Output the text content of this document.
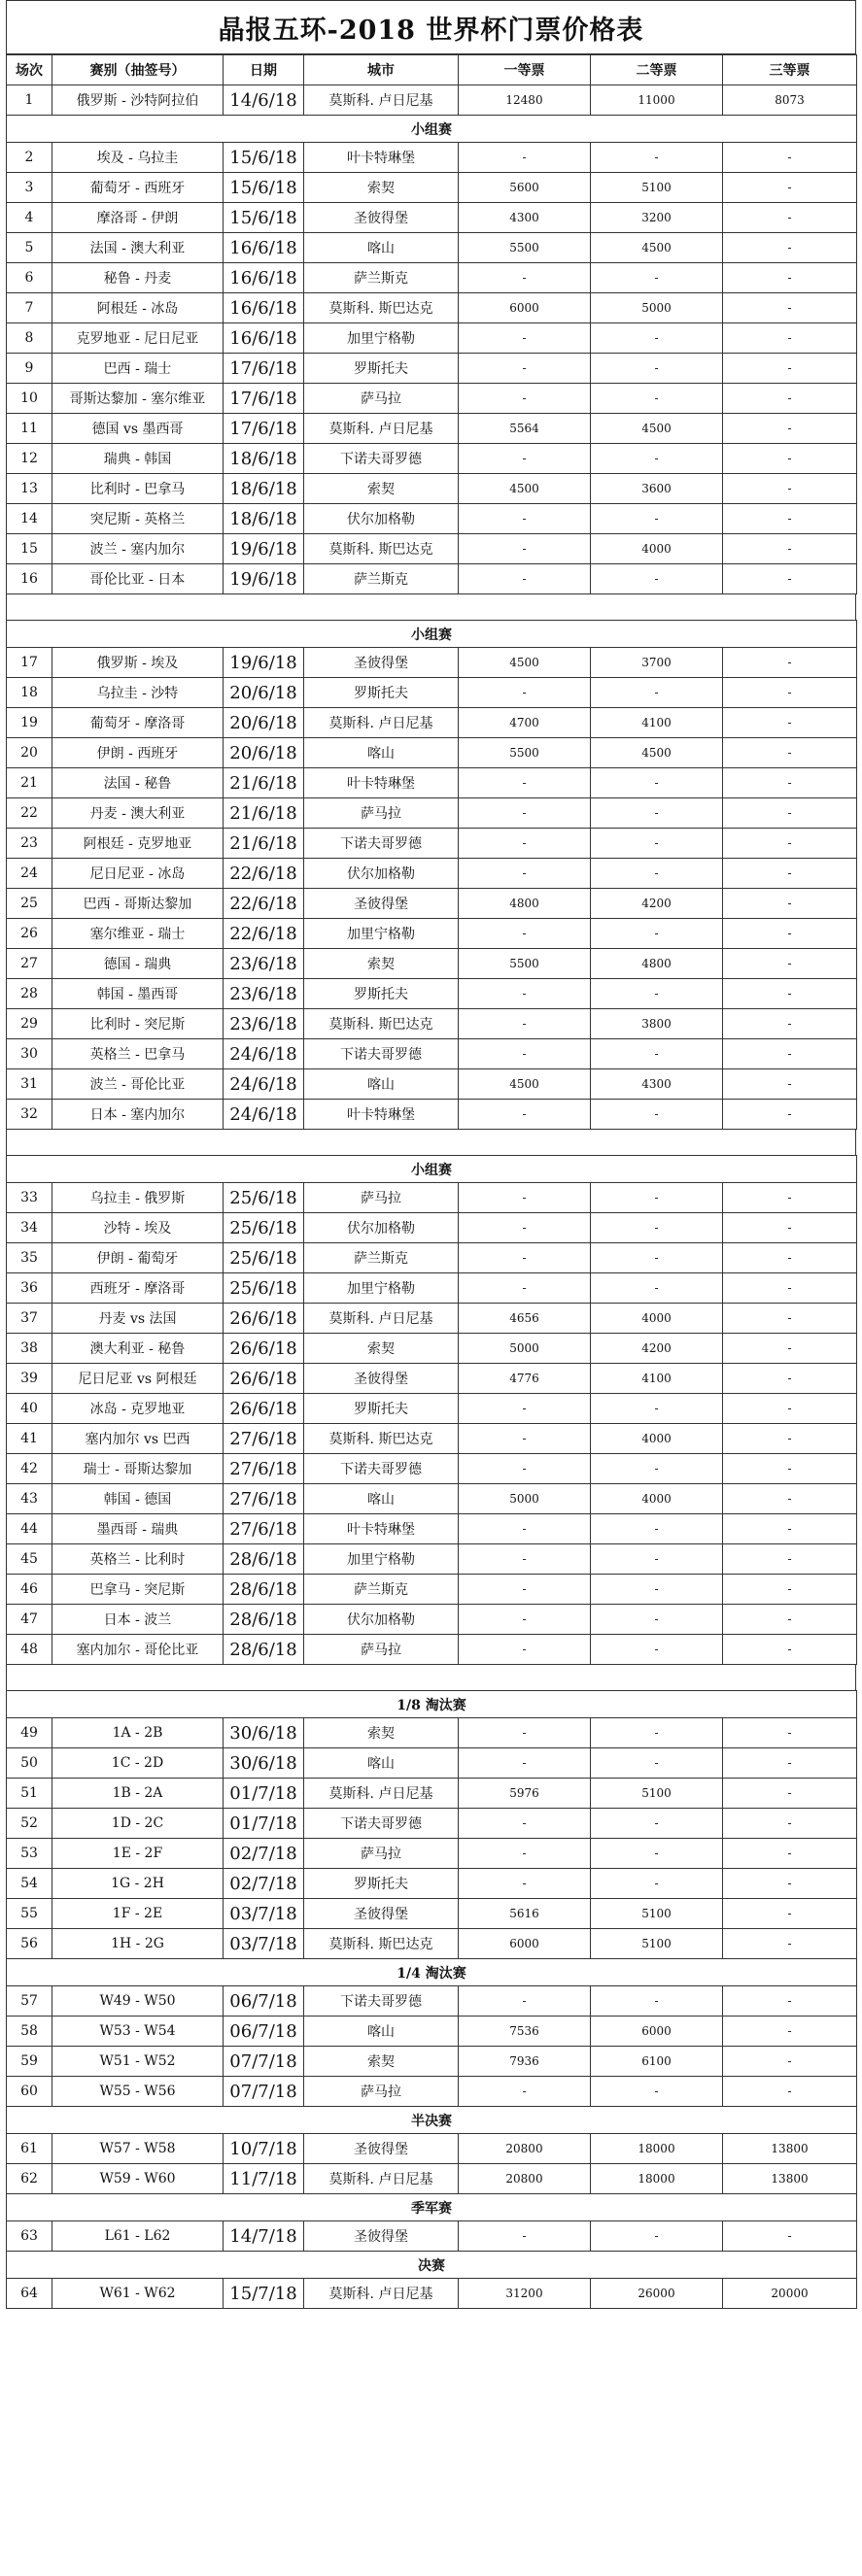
晶报五环-2018 世界杯门票价格表
场次	赛别（抽签号）	日期	城市	一等票	二等票	三等票
1	俄罗斯 - 沙特阿拉伯	14/6/18	莫斯科. 卢日尼基	12480	11000	8073
小组赛						
2	埃及 - 乌拉圭	15/6/18	叶卡特琳堡	-	-	-
3	葡萄牙 - 西班牙	15/6/18	索契	5600	5100	-
4	摩洛哥 - 伊朗	15/6/18	圣彼得堡	4300	3200	-
5	法国 - 澳大利亚	16/6/18	喀山	5500	4500	-
6	秘鲁 - 丹麦	16/6/18	萨兰斯克	-	-	-
7	阿根廷 - 冰岛	16/6/18	莫斯科. 斯巴达克	6000	5000	-
8	克罗地亚 - 尼日尼亚	16/6/18	加里宁格勒	-	-	-
9	巴西 - 瑞士	17/6/18	罗斯托夫	-	-	-
10	哥斯达黎加 - 塞尔维亚	17/6/18	萨马拉	-	-	-
11	德国 vs 墨西哥	17/6/18	莫斯科. 卢日尼基	5564	4500	-
12	瑞典 - 韩国	18/6/18	下诺夫哥罗德	-	-	-
13	比利时 - 巴拿马	18/6/18	索契	4500	3600	-
14	突尼斯 - 英格兰	18/6/18	伏尔加格勒	-	-	-
15	波兰 - 塞内加尔	19/6/18	莫斯科. 斯巴达克	-	4000	-
16	哥伦比亚 - 日本	19/6/18	萨兰斯克	-	-	-
小组赛						
17	俄罗斯 - 埃及	19/6/18	圣彼得堡	4500	3700	-
18	乌拉圭 - 沙特	20/6/18	罗斯托夫	-	-	-
19	葡萄牙 - 摩洛哥	20/6/18	莫斯科. 卢日尼基	4700	4100	-
20	伊朗 - 西班牙	20/6/18	喀山	5500	4500	-
21	法国 - 秘鲁	21/6/18	叶卡特琳堡	-	-	-
22	丹麦 - 澳大利亚	21/6/18	萨马拉	-	-	-
23	阿根廷 - 克罗地亚	21/6/18	下诺夫哥罗德	-	-	-
24	尼日尼亚 - 冰岛	22/6/18	伏尔加格勒	-	-	-
25	巴西 - 哥斯达黎加	22/6/18	圣彼得堡	4800	4200	-
26	塞尔维亚 - 瑞士	22/6/18	加里宁格勒	-	-	-
27	德国 - 瑞典	23/6/18	索契	5500	4800	-
28	韩国 - 墨西哥	23/6/18	罗斯托夫	-	-	-
29	比利时 - 突尼斯	23/6/18	莫斯科. 斯巴达克	-	3800	-
30	英格兰 - 巴拿马	24/6/18	下诺夫哥罗德	-	-	-
31	波兰 - 哥伦比亚	24/6/18	喀山	4500	4300	-
32	日本 - 塞内加尔	24/6/18	叶卡特琳堡	-	-	-
小组赛						
33	乌拉圭 - 俄罗斯	25/6/18	萨马拉	-	-	-
34	沙特 - 埃及	25/6/18	伏尔加格勒	-	-	-
35	伊朗 - 葡萄牙	25/6/18	萨兰斯克	-	-	-
36	西班牙 - 摩洛哥	25/6/18	加里宁格勒	-	-	-
37	丹麦 vs 法国	26/6/18	莫斯科. 卢日尼基	4656	4000	-
38	澳大利亚 - 秘鲁	26/6/18	索契	5000	4200	-
39	尼日尼亚 vs 阿根廷	26/6/18	圣彼得堡	4776	4100	-
40	冰岛 - 克罗地亚	26/6/18	罗斯托夫	-	-	-
41	塞内加尔 vs 巴西	27/6/18	莫斯科. 斯巴达克	-	4000	-
42	瑞士 - 哥斯达黎加	27/6/18	下诺夫哥罗德	-	-	-
43	韩国 - 德国	27/6/18	喀山	5000	4000	-
44	墨西哥 - 瑞典	27/6/18	叶卡特琳堡	-	-	-
45	英格兰 - 比利时	28/6/18	加里宁格勒	-	-	-
46	巴拿马 - 突尼斯	28/6/18	萨兰斯克	-	-	-
47	日本 - 波兰	28/6/18	伏尔加格勒	-	-	-
48	塞内加尔 - 哥伦比亚	28/6/18	萨马拉	-	-	-
1/8 淘汰赛						
49	1A - 2B	30/6/18	索契	-	-	-
50	1C - 2D	30/6/18	喀山	-	-	-
51	1B - 2A	01/7/18	莫斯科. 卢日尼基	5976	5100	-
52	1D - 2C	01/7/18	下诺夫哥罗德	-	-	-
53	1E - 2F	02/7/18	萨马拉	-	-	-
54	1G - 2H	02/7/18	罗斯托夫	-	-	-
55	1F - 2E	03/7/18	圣彼得堡	5616	5100	-
56	1H - 2G	03/7/18	莫斯科. 斯巴达克	6000	5100	-
1/4 淘汰赛						
57	W49 - W50	06/7/18	下诺夫哥罗德	-	-	-
58	W53 - W54	06/7/18	喀山	7536	6000	-
59	W51 - W52	07/7/18	索契	7936	6100	-
60	W55 - W56	07/7/18	萨马拉	-	-	-
半决赛						
61	W57 - W58	10/7/18	圣彼得堡	20800	18000	13800
62	W59 - W60	11/7/18	莫斯科. 卢日尼基	20800	18000	13800
季军赛						
63	L61 - L62	14/7/18	圣彼得堡	-	-	-
决赛						
64	W61 - W62	15/7/18	莫斯科. 卢日尼基	31200	26000	20000
